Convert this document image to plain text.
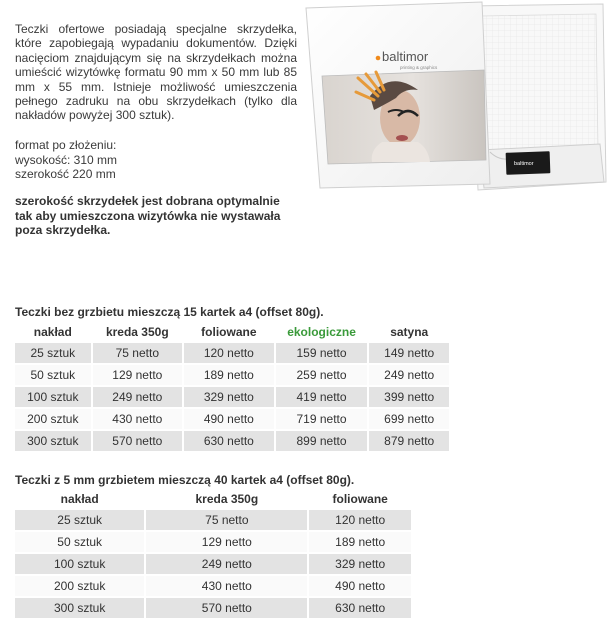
Teczki ofertowe posiadają specjalne skrzydełka, które zapobiegają wypadaniu dokumentów. Dzięki nacięciom znajdującym się na skrzydełkach można umieścić wizytówkę formatu 90 mm x 50 mm lub 85 mm x 55 mm. Istnieje możliwość umieszczenia pełnego zadruku na obu skrzydełkach (tylko dla nakładów powyżej 300 sztuk).

format po złożeniu:
wysokość: 310 mm
szerokość 220 mm

szerokość skrzydełek jest dobrana optymalnie tak aby umieszczona wizytówka nie wystawała poza skrzydełka.

baltimor
baltimor
printing & graphics

Teczki bez grzbietu mieszczą 15 kartek a4 (offset 80g).

nakład	kreda 350g	foliowane	ekologiczne	satyna
25 sztuk	75 netto	120 netto	159 netto	149 netto
50 sztuk	129 netto	189 netto	259 netto	249 netto
100 sztuk	249 netto	329 netto	419 netto	399 netto
200 sztuk	430 netto	490 netto	719 netto	699 netto
300 sztuk	570 netto	630 netto	899 netto	879 netto

Teczki z 5 mm grzbietem mieszczą 40 kartek a4 (offset 80g).

nakład	kreda 350g	foliowane
25 sztuk	75 netto	120 netto
50 sztuk	129 netto	189 netto
100 sztuk	249 netto	329 netto
200 sztuk	430 netto	490 netto
300 sztuk	570 netto	630 netto
